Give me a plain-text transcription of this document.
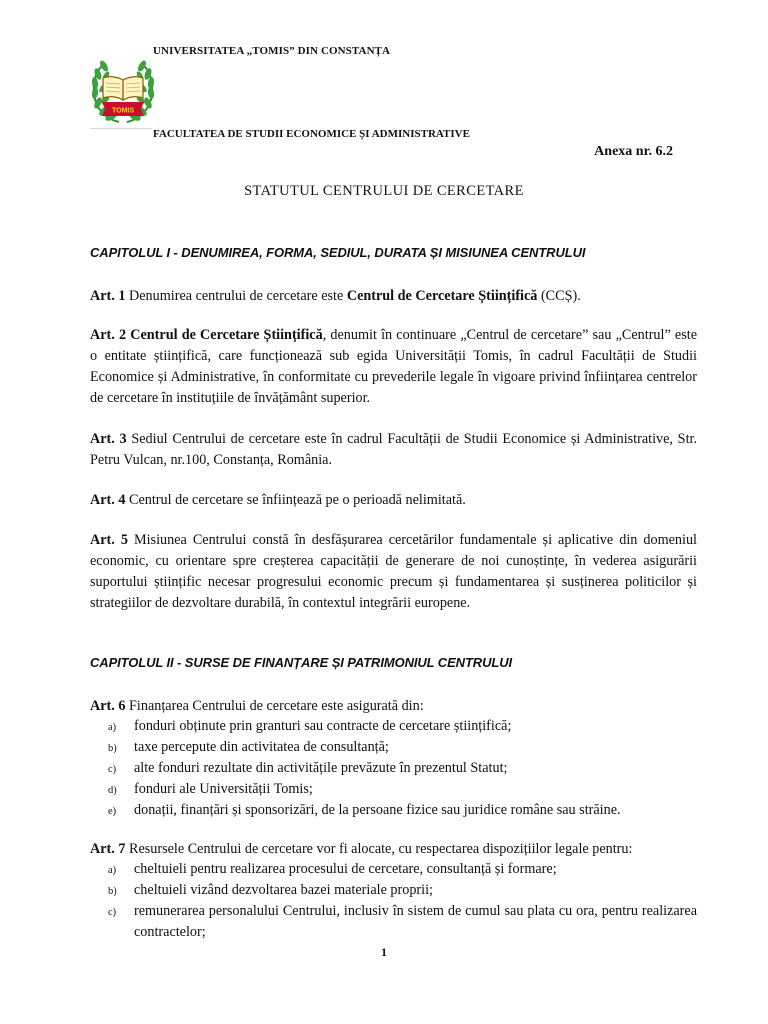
UNIVERSITATEA „TOMIS” DIN CONSTANȚA
TOMIS
FACULTATEA DE STUDII ECONOMICE ȘI ADMINISTRATIVE
Anexa nr. 6.2
STATUTUL CENTRULUI DE CERCETARE
CAPITOLUL I - DENUMIREA, FORMA, SEDIUL, DURATA ȘI MISIUNEA CENTRULUI
Art. 1 Denumirea centrului de cercetare este Centrul de Cercetare Științifică (CCȘ).
Art. 2 Centrul de Cercetare Științifică, denumit în continuare „Centrul de cercetare” sau „Centrul” este o entitate științifică, care funcționează sub egida Universității Tomis, în cadrul Facultății de Studii Economice și Administrative, în conformitate cu prevederile legale în vigoare privind înființarea centrelor de cercetare în instituțiile de învățământ superior.
Art. 3 Sediul Centrului de cercetare este în cadrul Facultății de Studii Economice și Administrative, Str. Petru Vulcan, nr.100, Constanța, România.
Art. 4 Centrul de cercetare se înființează pe o perioadă nelimitată.
Art. 5 Misiunea Centrului constă în desfășurarea cercetărilor fundamentale și aplicative din domeniul economic, cu orientare spre creșterea capacității de generare de noi cunoștințe, în vederea asigurării suportului științific necesar progresului economic precum și fundamentarea și susținerea politicilor și strategiilor de dezvoltare durabilă, în contextul integrării europene.
CAPITOLUL II - SURSE DE FINANȚARE ȘI PATRIMONIUL CENTRULUI
Art. 6 Finanțarea Centrului de cercetare este asigurată din:
a) fonduri obținute prin granturi sau contracte de cercetare științifică;
b) taxe percepute din activitatea de consultanță;
c) alte fonduri rezultate din activitățile prevăzute în prezentul Statut;
d) fonduri ale Universității Tomis;
e) donații, finanțări și sponsorizări, de la persoane fizice sau juridice române sau străine.
Art. 7 Resursele Centrului de cercetare vor fi alocate, cu respectarea dispozițiilor legale pentru:
a) cheltuieli pentru realizarea procesului de cercetare, consultanță și formare;
b) cheltuieli vizând dezvoltarea bazei materiale proprii;
c) remunerarea personalului Centrului, inclusiv în sistem de cumul sau plata cu ora, pentru realizarea contractelor;
1
